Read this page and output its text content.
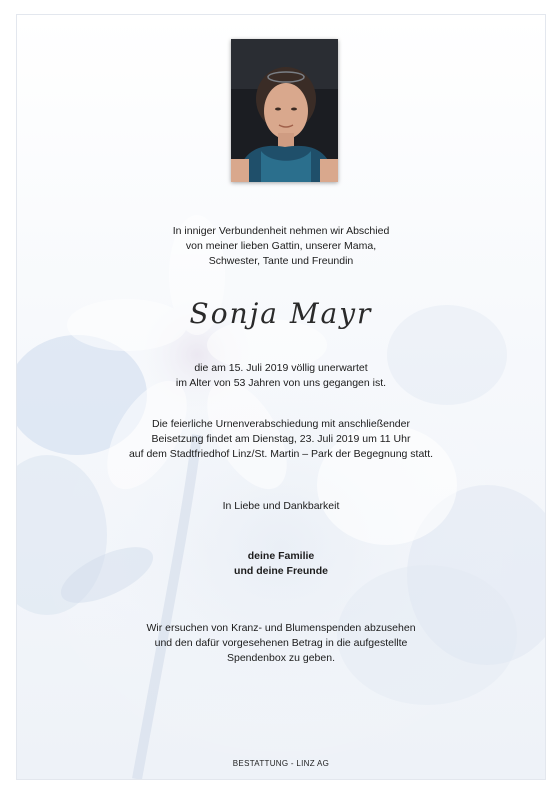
In inniger Verbundenheit nehmen wir Abschied
von meiner lieben Gattin, unserer Mama,
Schwester, Tante und Freundin
Sonja Mayr
die am 15. Juli 2019 völlig unerwartet
im Alter von 53 Jahren von uns gegangen ist.
Die feierliche Urnenverabschiedung mit anschließender
Beisetzung findet am Dienstag, 23. Juli 2019 um 11 Uhr
auf dem Stadtfriedhof Linz/St. Martin – Park der Begegnung statt.
In Liebe und Dankbarkeit
deine Familie
und deine Freunde
Wir ersuchen von Kranz- und Blumenspenden abzusehen
und den dafür vorgesehenen Betrag in die aufgestellte
Spendenbox zu geben.
BESTATTUNG - LINZ AG
